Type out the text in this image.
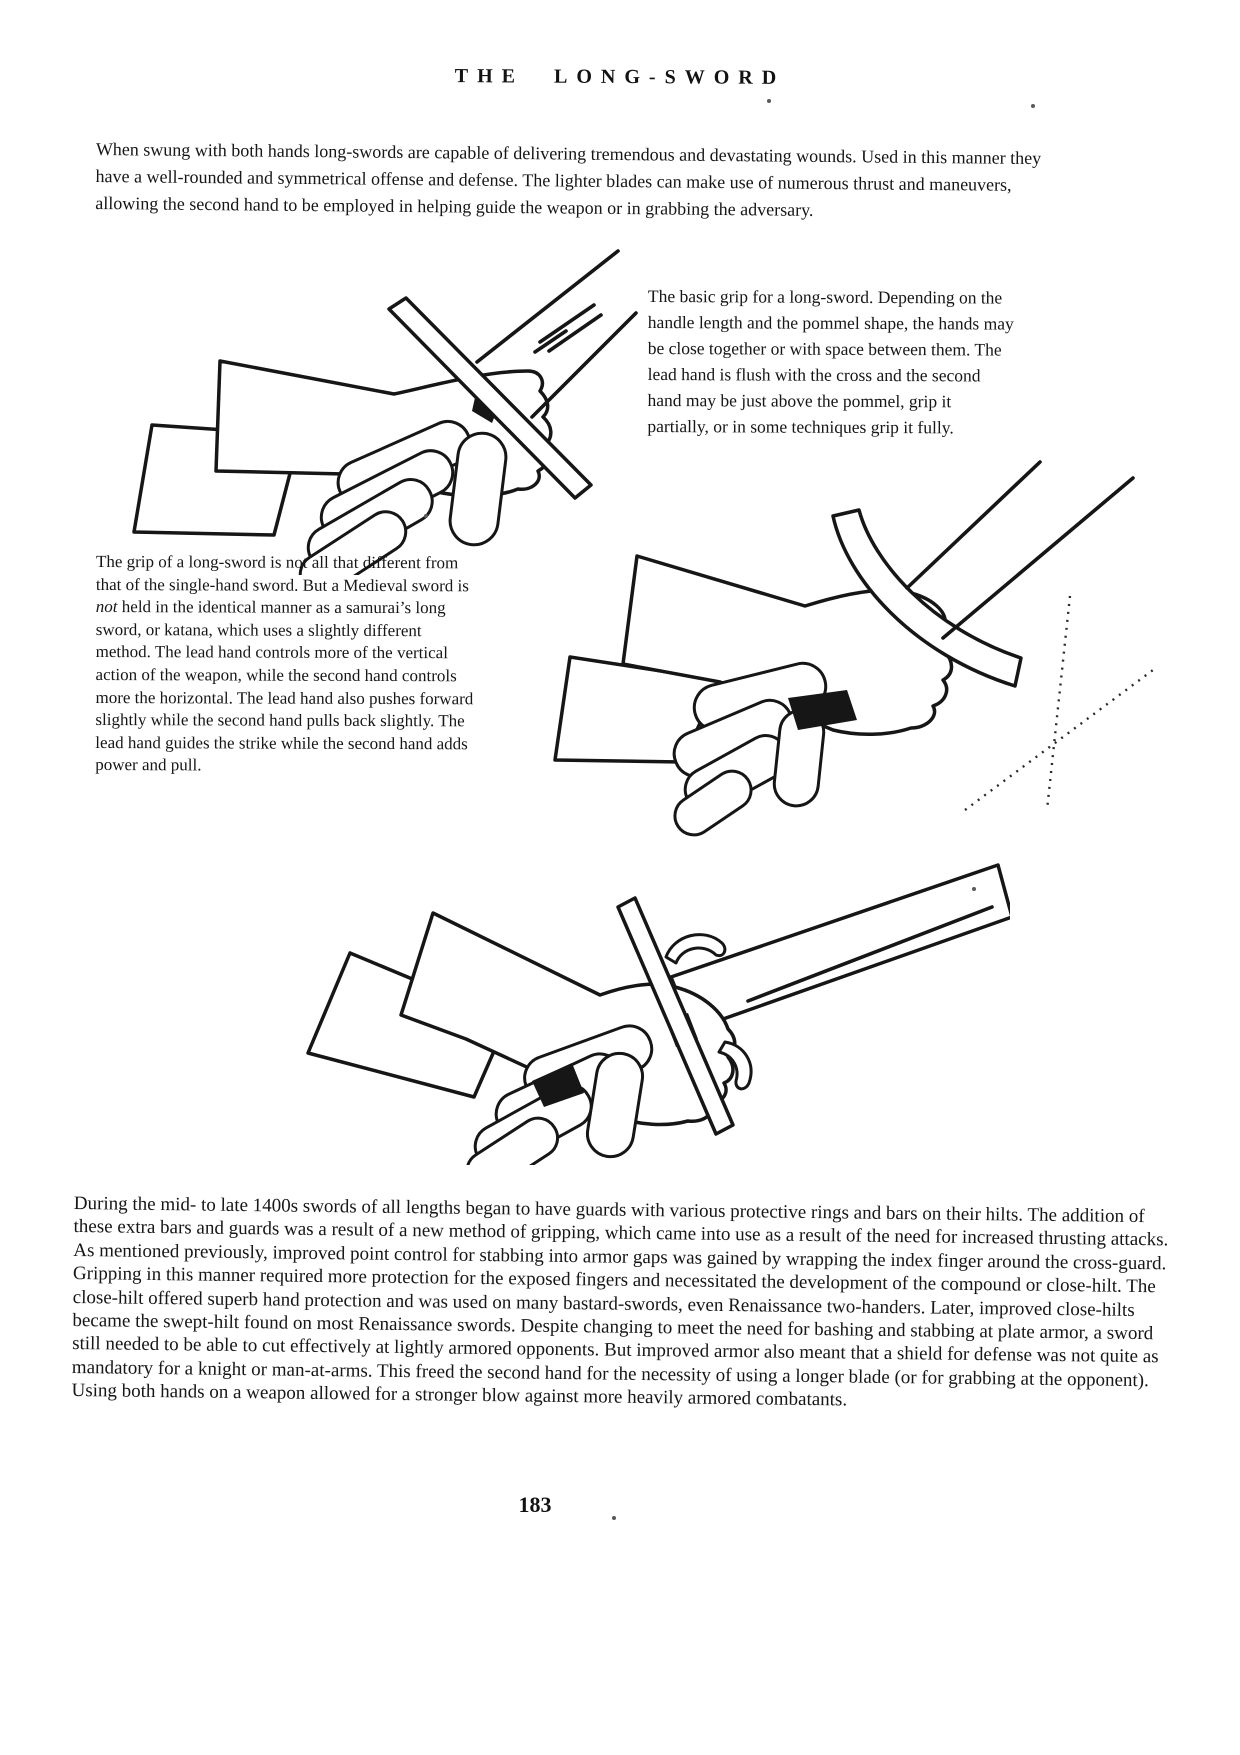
THE LONG-SWORD
When swung with both hands long-swords are capable of delivering tremendous and devastating wounds. Used in this manner they have a well-rounded and symmetrical offense and defense. The lighter blades can make use of numerous thrust and maneuvers, allowing the second hand to be employed in helping guide the weapon or in grabbing the adversary.
The basic grip for a long-sword. Depending on the handle length and the pommel shape, the hands may be close together or with space between them. The lead hand is flush with the cross and the second hand may be just above the pommel, grip it partially, or in some techniques grip it fully.
The grip of a long-sword is not all that different from that of the single-hand sword. But a Medieval sword is not held in the identical manner as a samurai’s long sword, or katana, which uses a slightly different method. The lead hand controls more of the vertical action of the weapon, while the second hand controls more the horizontal. The lead hand also pushes forward slightly while the second hand pulls back slightly. The lead hand guides the strike while the second hand adds power and pull.
During the mid- to late 1400s swords of all lengths began to have guards with various protective rings and bars on their hilts. The addition of these extra bars and guards was a result of a new method of gripping, which came into use as a result of the need for increased thrusting attacks. As mentioned previously, improved point control for stabbing into armor gaps was gained by wrapping the index finger around the cross-guard. Gripping in this manner required more protection for the exposed fingers and necessitated the development of the compound or close-hilt. The close-hilt offered superb hand protection and was used on many bastard-swords, even Renaissance two-handers. Later, improved close-hilts became the swept-hilt found on most Renaissance swords. Despite changing to meet the need for bashing and stabbing at plate armor, a sword still needed to be able to cut effectively at lightly armored opponents. But improved armor also meant that a shield for defense was not quite as mandatory for a knight or man-at-arms. This freed the second hand for the necessity of using a longer blade (or for grabbing at the opponent). Using both hands on a weapon allowed for a stronger blow against more heavily armored combatants.
183
